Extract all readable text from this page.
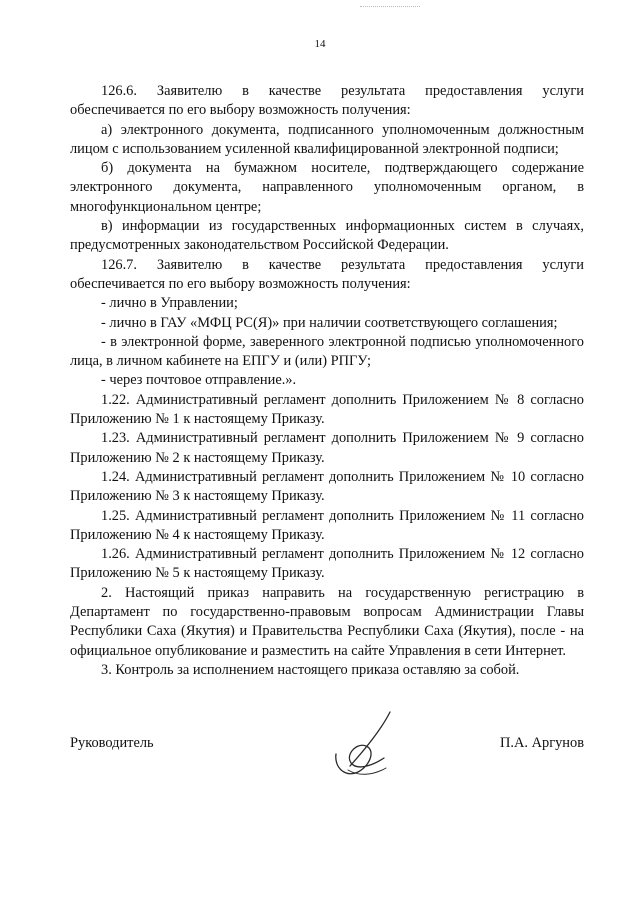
14

126.6. Заявителю в качестве результата предоставления услуги обеспечивается по его выбору возможность получения:

а) электронного документа, подписанного уполномоченным должностным лицом с использованием усиленной квалифицированной электронной подписи;

б) документа на бумажном носителе, подтверждающего содержание электронного документа, направленного уполномоченным органом, в многофункциональном центре;

в) информации из государственных информационных систем в случаях, предусмотренных законодательством Российской Федерации.

126.7. Заявителю в качестве результата предоставления услуги обеспечивается по его выбору возможность получения:

- лично в Управлении;

- лично в ГАУ «МФЦ РС(Я)» при наличии соответствующего соглашения;

- в электронной форме, заверенного электронной подписью уполномоченного лица, в личном кабинете на ЕПГУ и (или) РПГУ;

- через почтовое отправление.».

1.22. Административный регламент дополнить Приложением № 8 согласно Приложению № 1 к настоящему Приказу.

1.23. Административный регламент дополнить Приложением № 9 согласно Приложению № 2 к настоящему Приказу.

1.24. Административный регламент дополнить Приложением № 10 согласно Приложению № 3 к настоящему Приказу.

1.25. Административный регламент дополнить Приложением № 11 согласно Приложению № 4 к настоящему Приказу.

1.26. Административный регламент дополнить Приложением № 12 согласно Приложению № 5 к настоящему Приказу.

2. Настоящий приказ направить на государственную регистрацию в Департамент по государственно-правовым вопросам Администрации Главы Республики Саха (Якутия) и Правительства Республики Саха (Якутия), после - на официальное опубликование и разместить на сайте Управления в сети Интернет.

3. Контроль за исполнением настоящего приказа оставляю за собой.

Руководитель	П.А. Аргунов
